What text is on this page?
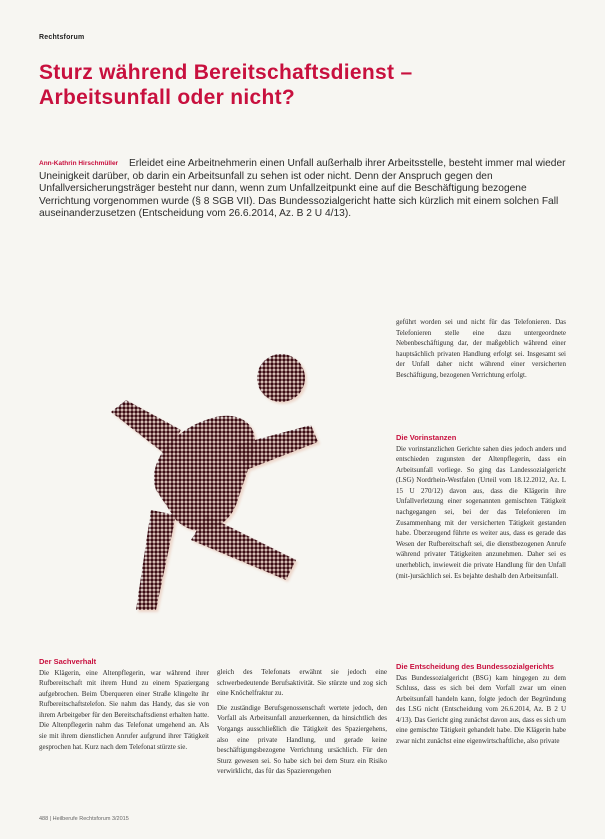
Rechtsforum
Sturz während Bereitschaftsdienst –
Arbeitsunfall oder nicht?

Ann-Kathrin Hirschmüller Erleidet eine Arbeitnehmerin einen Unfall außerhalb ihrer Arbeitsstelle, besteht immer mal wieder Uneinigkeit darüber, ob darin ein Arbeitsunfall zu sehen ist oder nicht. Denn der Anspruch gegen den Unfallversicherungsträger besteht nur dann, wenn zum Unfallzeitpunkt eine auf die Beschäftigung bezogene Verrichtung vorgenommen wurde (§ 8 SGB VII). Das Bundessozialgericht hatte sich kürzlich mit einem solchen Fall auseinanderzusetzen (Entscheidung vom 26.6.2014, Az. B 2 U 4/13).

geführt worden sei und nicht für das Telefonieren. Das Telefonieren stelle eine dazu untergeordnete Nebenbeschäftigung dar, der maßgeblich während einer hauptsächlich privaten Handlung erfolgt sei. Insgesamt sei der Unfall daher nicht während einer versicherten Beschäftigung, bezogenen Verrichtung erfolgt.

Die Vorinstanzen

Die vorinstanzlichen Gerichte sahen dies jedoch anders und entschieden zugunsten der Altenpflegerin, dass ein Arbeitsunfall vorliege. So ging das Landessozialgericht (LSG) Nordrhein-Westfalen (Urteil vom 18.12.2012, Az. L 15 U 270/12) davon aus, dass die Klägerin ihre Unfallverletzung einer sogenannten gemischten Tätigkeit nachgegangen sei, bei der das Telefonieren im Zusammenhang mit der versicherten Tätigkeit gestanden habe. Überzeugend führte es weiter aus, dass es gerade das Wesen der Rufbereitschaft sei, die dienstbezogenen Anrufe während privater Tätigkeiten anzunehmen. Daher sei es unerheblich, inwieweit die private Handlung für den Unfall (mit-)ursächlich sei. Es bejahte deshalb den Arbeitsunfall.

Der Sachverhalt

Die Klägerin, eine Altenpflegerin, war während ihrer Rufbereitschaft mit ihrem Hund zu einem Spaziergang aufgebrochen. Beim Überqueren einer Straße klingelte ihr Rufbereitschaftstelefon. Sie nahm das Handy, das sie von ihrem Arbeitgeber für den Bereitschaftsdienst erhalten hatte. Die Altenpflegerin nahm das Telefonat umgehend an. Als sie mit ihrem dienstlichen Anrufer aufgrund ihrer Tätigkeit gesprochen hat. Kurz nach dem Telefonat stürzte sie.

gleich des Telefonats erwähnt sie jedoch eine schwerbedeutende Berufsaktivität. Sie stürzte und zog sich eine Knöchelfraktur zu.

Die zuständige Berufsgenossenschaft wertete jedoch, den Vorfall als Arbeitsunfall anzuerkennen, da hinsichtlich des Vorgangs ausschließlich die Tätigkeit des Spaziergehens, also eine private Handlung, und gerade keine beschäftigungsbezogene Verrichtung ursächlich. Für den Sturz gewesen sei. So habe sich bei dem Sturz ein Risiko verwirklicht, das für das Spazierengehen

Die Entscheidung des Bundessozialgerichts

Das Bundessozialgericht (BSG) kam hingegen zu dem Schluss, dass es sich bei dem Vorfall zwar um einen Arbeitsunfall handeln kann, folgte jedoch der Begründung des LSG nicht (Entscheidung vom 26.6.2014, Az. B 2 U 4/13). Das Gericht ging zunächst davon aus, dass es sich um eine gemischte Tätigkeit gehandelt habe. Die Klägerin habe zwar nicht zunächst eine eigenwirtschaftliche, also private

488 | Heilberufe Rechtsforum 3/2015
